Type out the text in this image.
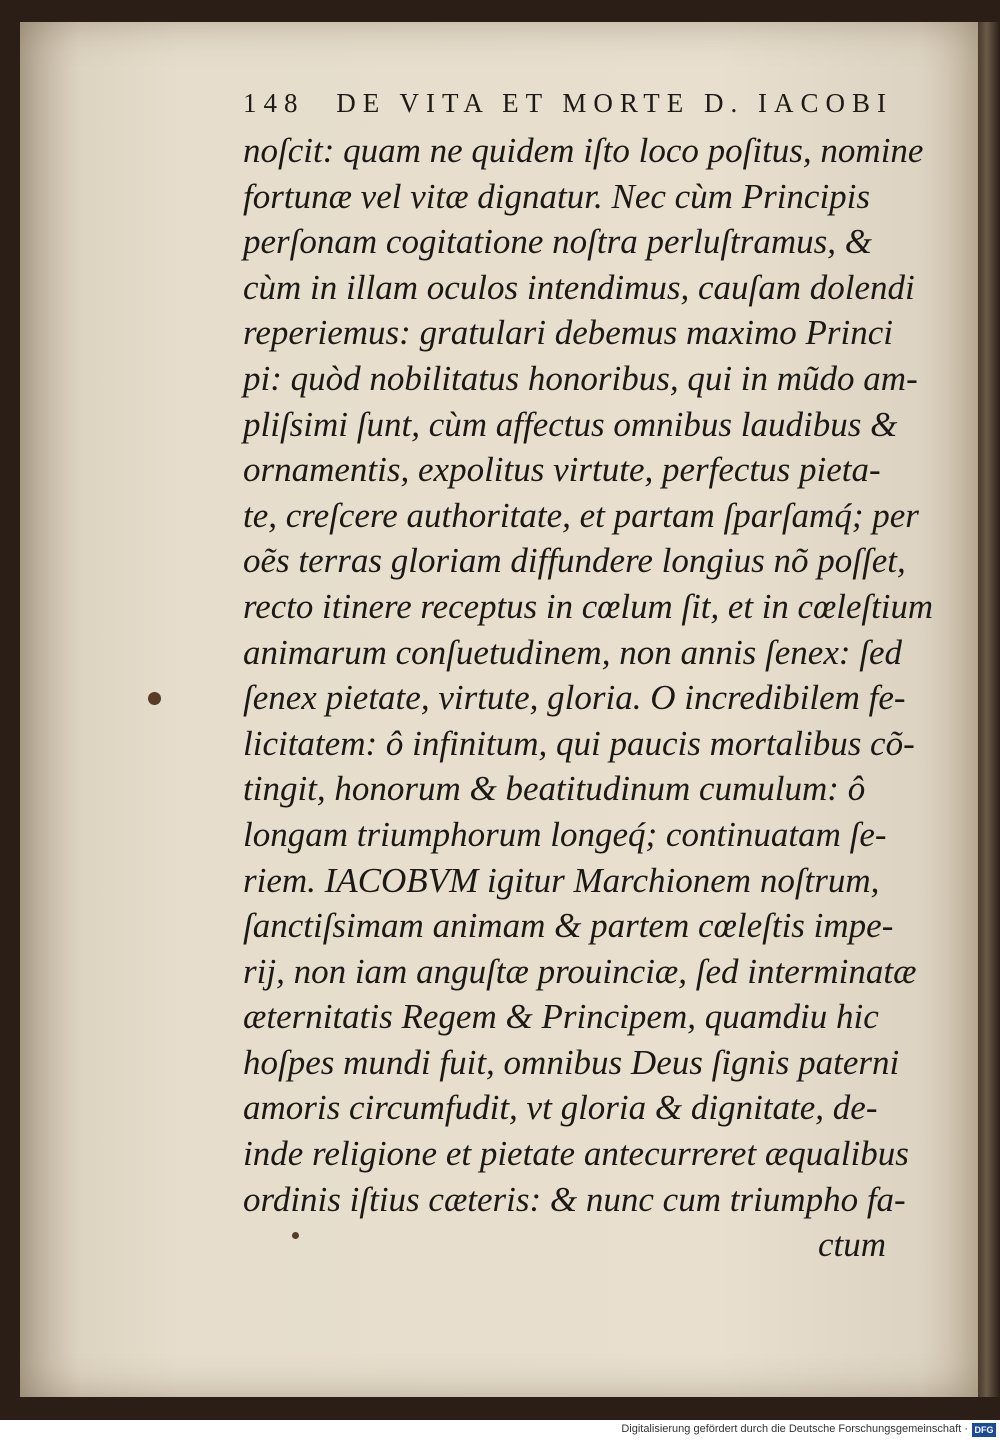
148 DE VITA ET MORTE D. IACOBI
noſcit: quam ne quidem iſto loco poſitus, nomine
fortunæ vel vitæ dignatur. Nec cùm Principis
perſonam cogitatione noſtra perluſtramus, &
cùm in illam oculos intendimus, cauſam dolendi
reperiemus: gratulari debemus maximo Princi
pi: quòd nobilitatus honoribus, qui in mũdo am-
pliſsimi ſunt, cùm affectus omnibus laudibus &
ornamentis, expolitus virtute, perfectus pieta-
te, creſcere authoritate, et partam ſparſamq́; per
oẽs terras gloriam diffundere longius nõ poſſet,
recto itinere receptus in cœlum ſit, et in cœleſtium
animarum conſuetudinem, non annis ſenex: ſed
ſenex pietate, virtute, gloria. O incredibilem fe-
licitatem: ô infinitum, qui paucis mortalibus cõ-
tingit, honorum & beatitudinum cumulum: ô
longam triumphorum longeq́; continuatam ſe-
riem. IACOBVM igitur Marchionem noſtrum,
ſanctiſsimam animam & partem cœleſtis impe-
rij, non iam anguſtæ prouinciæ, ſed interminatæ
æternitatis Regem & Principem, quamdiu hic
hoſpes mundi fuit, omnibus Deus ſignis paterni
amoris circumfudit, vt gloria & dignitate, de-
inde religione et pietate antecurreret æqualibus
ordinis iſtius cæteris: & nunc cum triumpho fa-
ctum
Digitalisierung gefördert durch die Deutsche Forschungsgemeinschaft · DFG
